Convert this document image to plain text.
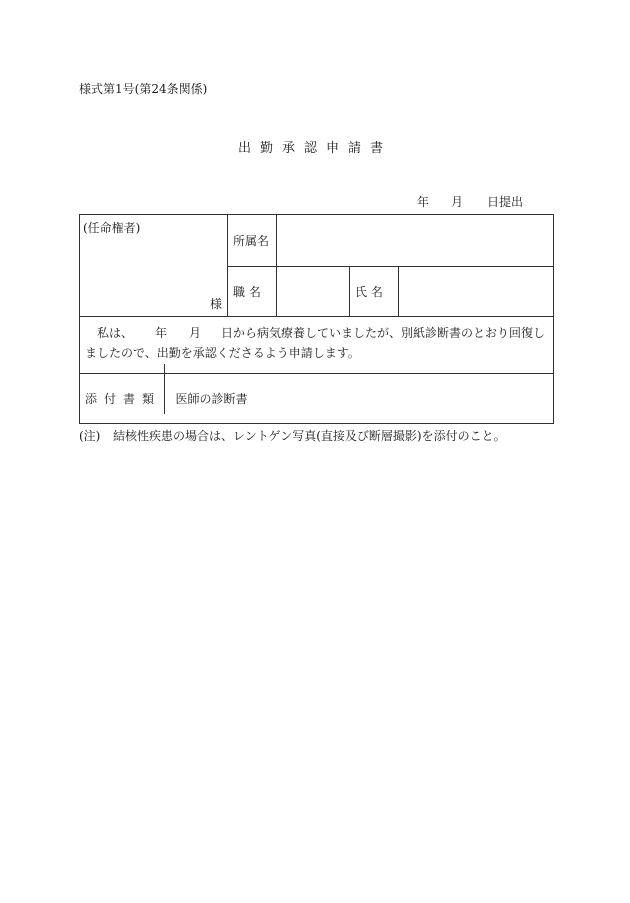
様式第1号(第24条関係)
出勤承認申請書
年	月	日提出
(任命権者)
様	所属名			
	職 名		氏 名	
私は、 年 月 日から病気療養していましたが、別紙診断書のとおり回復しましたので、出勤を承認くださるよう申請します。				
添付書類	医師の診断書			
(注) 結核性疾患の場合は、レントゲン写真(直接及び断層撮影)を添付のこと。
